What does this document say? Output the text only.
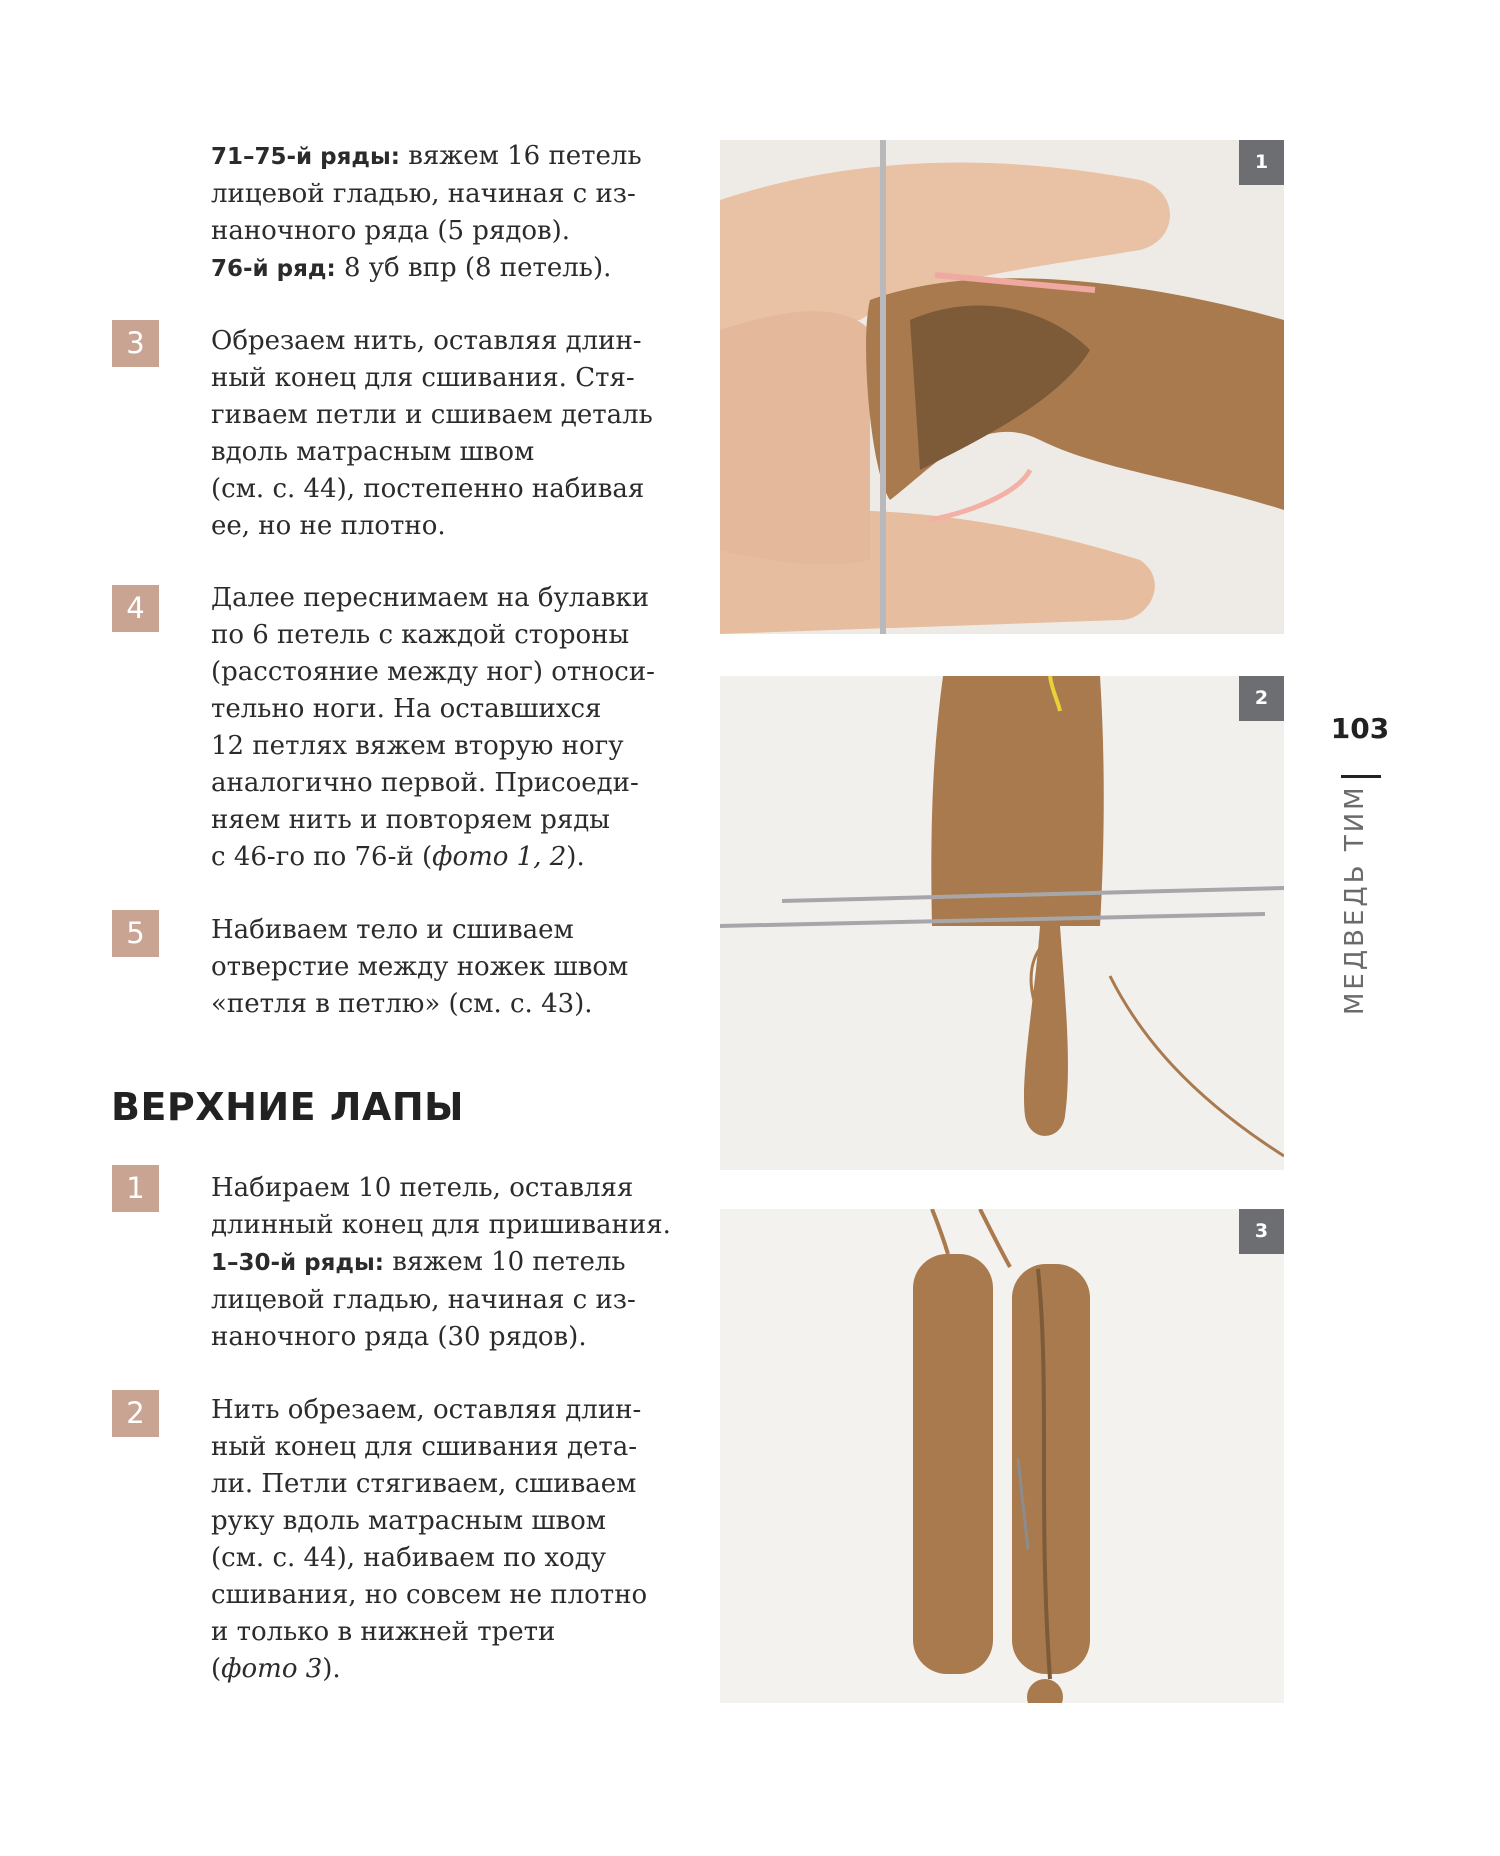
71–75-й ряды: вяжем 16 петель
лицевой гладью, начиная с из-
наночного ряда (5 рядов).
76-й ряд: 8 уб впр (8 петель).
3	Обрезаем нить, оставляя длин-
ный конец для сшивания. Стя-
гиваем петли и сшиваем деталь
вдоль матрасным швом
(см. с. 44), постепенно набивая
ее, но не плотно.
4	Далее переснимаем на булавки
по 6 петель с каждой стороны
(расстояние между ног) относи-
тельно ноги. На оставшихся
12 петлях вяжем вторую ногу
аналогично первой. Присоеди-
няем нить и повторяем ряды
с 46-го по 76-й (фото 1, 2).
5	Набиваем тело и сшиваем
отверстие между ножек швом
«петля в петлю» (см. с. 43).
ВЕРХНИЕ ЛАПЫ
1	Набираем 10 петель, оставляя
длинный конец для пришивания.
1–30-й ряды: вяжем 10 петель
лицевой гладью, начиная с из-
наночного ряда (30 рядов).
2	Нить обрезаем, оставляя длин-
ный конец для сшивания дета-
ли. Петли стягиваем, сшиваем
руку вдоль матрасным швом
(см. с. 44), набиваем по ходу
сшивания, но совсем не плотно
и только в нижней трети
(фото 3).
1
2
3
103
МЕДВЕДЬ ТИМ
